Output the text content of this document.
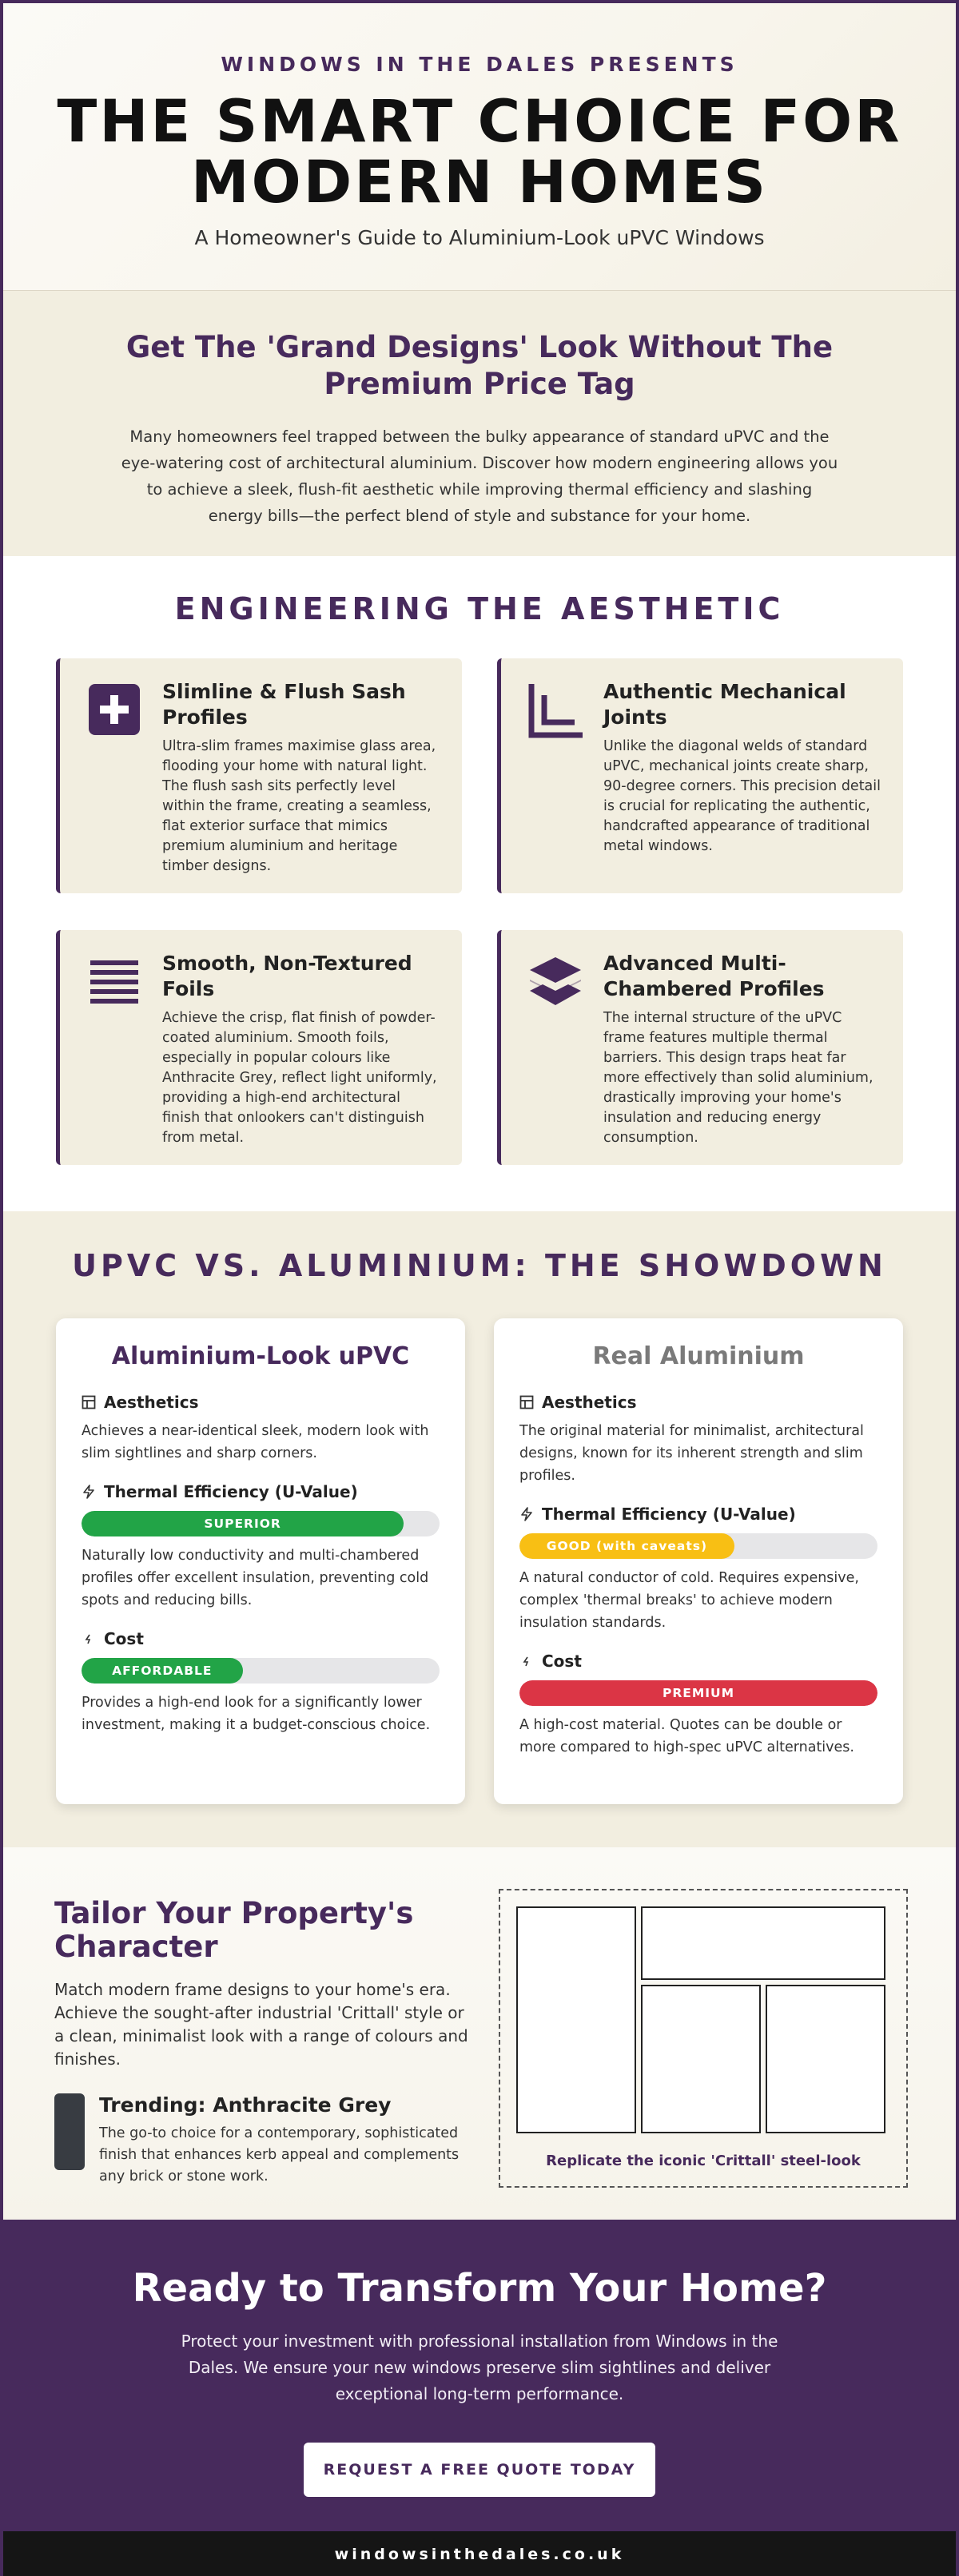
WINDOWS IN THE DALES PRESENTS
THE SMART CHOICE FOR
MODERN HOMES
A Homeowner's Guide to Aluminium-Look uPVC Windows
Get The 'Grand Designs' Look Without The Premium Price Tag

Many homeowners feel trapped between the bulky appearance of standard uPVC and the eye-watering cost of architectural aluminium. Discover how modern engineering allows you to achieve a sleek, flush-fit aesthetic while improving thermal efficiency and slashing energy bills—the perfect blend of style and substance for your home.

ENGINEERING THE AESTHETIC
Slimline & Flush Sash Profiles

Ultra-slim frames maximise glass area, flooding your home with natural light. The flush sash sits perfectly level within the frame, creating a seamless, flat exterior surface that mimics premium aluminium and heritage timber designs.

Authentic Mechanical Joints

Unlike the diagonal welds of standard uPVC, mechanical joints create sharp, 90-degree corners. This precision detail is crucial for replicating the authentic, handcrafted appearance of traditional metal windows.

Smooth, Non-Textured Foils

Achieve the crisp, flat finish of powder-coated aluminium. Smooth foils, especially in popular colours like Anthracite Grey, reflect light uniformly, providing a high-end architectural finish that onlookers can't distinguish from metal.

Advanced Multi-Chambered Profiles

The internal structure of the uPVC frame features multiple thermal barriers. This design traps heat far more effectively than solid aluminium, drastically improving your home's insulation and reducing energy consumption.

UPVC VS. ALUMINIUM: THE SHOWDOWN
Aluminium-Look uPVC
Aesthetics

Achieves a near-identical sleek, modern look with slim sightlines and sharp corners.

Thermal Efficiency (U-Value)
SUPERIOR

Naturally low conductivity and multi-chambered profiles offer excellent insulation, preventing cold spots and reducing bills.

Cost
AFFORDABLE

Provides a high-end look for a significantly lower investment, making it a budget-conscious choice.

Real Aluminium
Aesthetics

The original material for minimalist, architectural designs, known for its inherent strength and slim profiles.

Thermal Efficiency (U-Value)
GOOD (with caveats)

A natural conductor of cold. Requires expensive, complex 'thermal breaks' to achieve modern insulation standards.

Cost
PREMIUM

A high-cost material. Quotes can be double or more compared to high-spec uPVC alternatives.

Tailor Your Property's Character

Match modern frame designs to your home's era. Achieve the sought-after industrial 'Crittall' style or a clean, minimalist look with a range of colours and finishes.

Trending: Anthracite Grey

The go-to choice for a contemporary, sophisticated finish that enhances kerb appeal and complements any brick or stone work.

Replicate the iconic 'Crittall' steel-look
Ready to Transform Your Home?

Protect your investment with professional installation from Windows in the Dales. We ensure your new windows preserve slim sightlines and deliver exceptional long-term performance.

REQUEST A FREE QUOTE TODAY
windowsinthedales.co.uk
